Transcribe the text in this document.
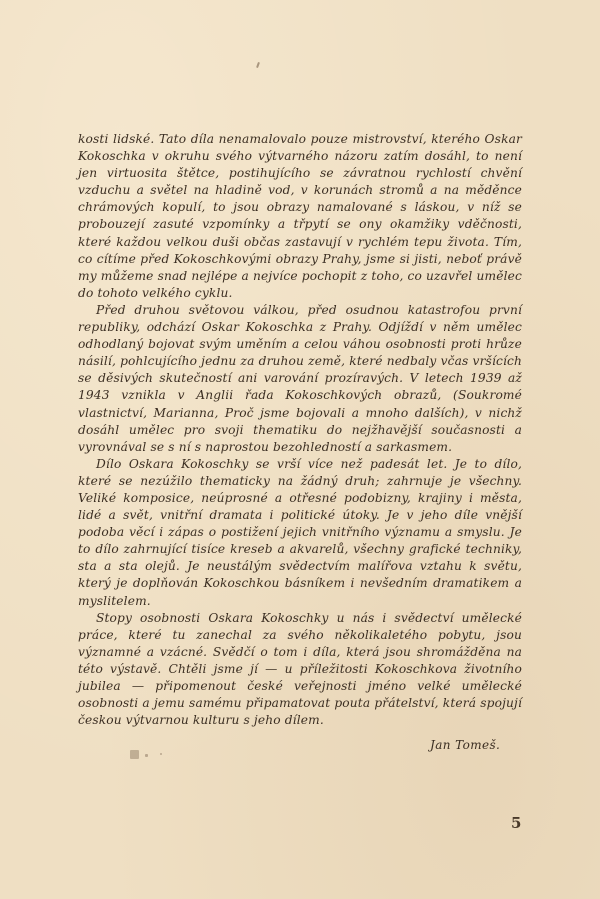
kosti lidské. Tato díla nenamalovalo pouze mistrovství, kterého Oskar Kokoschka v okruhu svého výtvarného názoru zatím dosáhl, to není jen virtuosita štětce, postihujícího se závratnou rychlostí chvění vzduchu a světel na hladině vod, v korunách stromů a na měděnce chrámových kopulí, to jsou obrazy namalované s láskou, v níž se probouzejí zasuté vzpomínky a třpytí se ony okamžiky vděčnosti, které každou velkou duši občas zastavují v rychlém tepu života. Tím, co cítíme před Kokoschkovými obrazy Prahy, jsme si jisti, neboť právě my můžeme snad nejlépe a nejvíce pochopit z toho, co uzavřel umělec do tohoto velkého cyklu.

Před druhou světovou válkou, před osudnou katastrofou první republiky, odchází Oskar Kokoschka z Prahy. Odjíždí v něm umělec odhodlaný bojovat svým uměním a celou váhou osobnosti proti hrůze násilí, pohlcujícího jednu za druhou země, které nedbaly včas vršících se děsivých skutečností ani varování prozíravých. V letech 1939 až 1943 vznikla v Anglii řada Kokoschkových obrazů, (Soukromé vlastnictví, Marianna, Proč jsme bojovali a mnoho dalších), v nichž dosáhl umělec pro svoji thematiku do nejžhavější současnosti a vyrovnával se s ní s naprostou bezohledností a sarkasmem.

Dílo Oskara Kokoschky se vrší více než padesát let. Je to dílo, které se nezúžilo thematicky na žádný druh; zahrnuje je všechny. Veliké komposice, neúprosné a otřesné podobizny, krajiny i města, lidé a svět, vnitřní dramata i politické útoky. Je v jeho díle vnější podoba věcí i zápas o postižení jejich vnitřního významu a smyslu. Je to dílo zahrnující tisíce kreseb a akvarelů, všechny grafické techniky, sta a sta olejů. Je neustálým svědectvím malířova vztahu k světu, který je doplňován Kokoschkou básníkem i nevšedním dramatikem a myslitelem.

Stopy osobnosti Oskara Kokoschky u nás i svědectví umělecké práce, které tu zanechal za svého několikaletého pobytu, jsou významné a vzácné. Svědčí o tom i díla, která jsou shromážděna na této výstavě. Chtěli jsme jí — u příležitosti Kokoschkova životního jubilea — připomenout české veřejnosti jméno velké umělecké osobnosti a jemu samému připamatovat pouta přátelství, která spojují českou výtvarnou kulturu s jeho dílem.

Jan Tomeš.
5
